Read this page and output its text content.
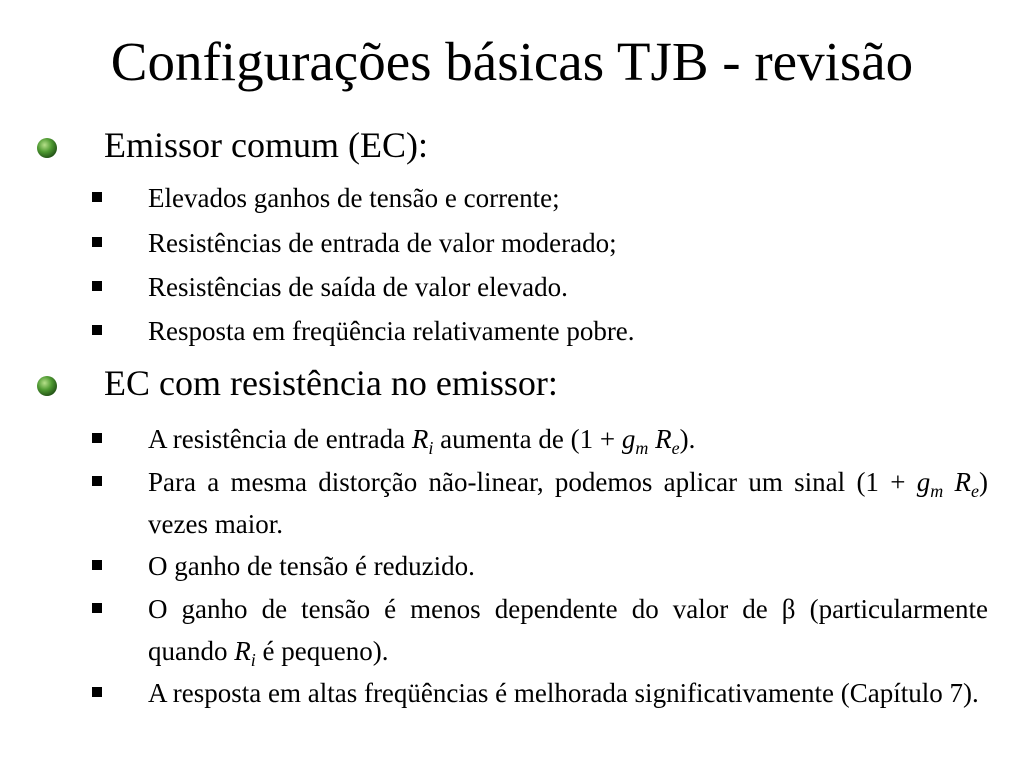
Configurações básicas TJB - revisão
Emissor comum (EC):
Elevados ganhos de tensão e corrente;
Resistências de entrada de valor moderado;
Resistências de saída de valor elevado.
Resposta em freqüência relativamente pobre.
EC com resistência no emissor:
A resistência de entrada $R_i$ aumenta de ($1 + g_m$ $R_e$).
Para a mesma distorção não-linear, podemos aplicar um sinal ($1 + g_m$ $R_e$) vezes maior.
O ganho de tensão é reduzido.
O ganho de tensão é menos dependente do valor de β (particularmente quando $R_i$ é pequeno).
A resposta em altas freqüências é melhorada significativamente (Capítulo 7).
